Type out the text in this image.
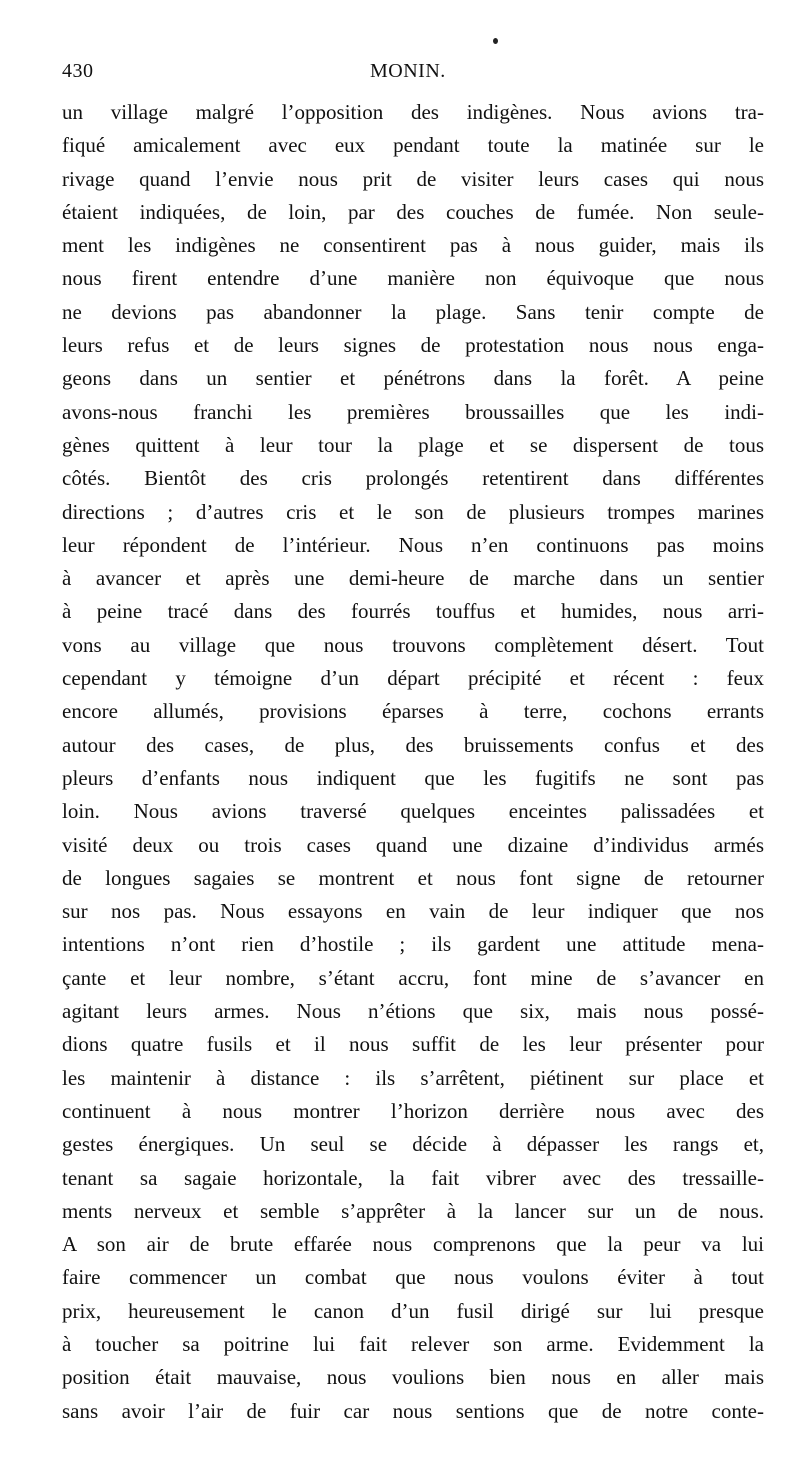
430	MONIN.
un village malgré l’opposition des indigènes. Nous avions tra-
fiqué amicalement avec eux pendant toute la matinée sur le
rivage quand l’envie nous prit de visiter leurs cases qui nous
étaient indiquées, de loin, par des couches de fumée. Non seule-
ment les indigènes ne consentirent pas à nous guider, mais ils
nous firent entendre d’une manière non équivoque que nous
ne devions pas abandonner la plage. Sans tenir compte de
leurs refus et de leurs signes de protestation nous nous enga-
geons dans un sentier et pénétrons dans la forêt. A peine
avons-nous franchi les premières broussailles que les indi-
gènes quittent à leur tour la plage et se dispersent de tous
côtés. Bientôt des cris prolongés retentirent dans différentes
directions ; d’autres cris et le son de plusieurs trompes marines
leur répondent de l’intérieur. Nous n’en continuons pas moins
à avancer et après une demi-heure de marche dans un sentier
à peine tracé dans des fourrés touffus et humides, nous arri-
vons au village que nous trouvons complètement désert. Tout
cependant y témoigne d’un départ précipité et récent : feux
encore allumés, provisions éparses à terre, cochons errants
autour des cases, de plus, des bruissements confus et des
pleurs d’enfants nous indiquent que les fugitifs ne sont pas
loin. Nous avions traversé quelques enceintes palissadées et
visité deux ou trois cases quand une dizaine d’individus armés
de longues sagaies se montrent et nous font signe de retourner
sur nos pas. Nous essayons en vain de leur indiquer que nos
intentions n’ont rien d’hostile ; ils gardent une attitude mena-
çante et leur nombre, s’étant accru, font mine de s’avancer en
agitant leurs armes. Nous n’étions que six, mais nous possé-
dions quatre fusils et il nous suffit de les leur présenter pour
les maintenir à distance : ils s’arrêtent, piétinent sur place et
continuent à nous montrer l’horizon derrière nous avec des
gestes énergiques. Un seul se décide à dépasser les rangs et,
tenant sa sagaie horizontale, la fait vibrer avec des tressaille-
ments nerveux et semble s’apprêter à la lancer sur un de nous.
A son air de brute effarée nous comprenons que la peur va lui
faire commencer un combat que nous voulons éviter à tout
prix, heureusement le canon d’un fusil dirigé sur lui presque
à toucher sa poitrine lui fait relever son arme. Evidemment la
position était mauvaise, nous voulions bien nous en aller mais
sans avoir l’air de fuir car nous sentions que de notre conte-
